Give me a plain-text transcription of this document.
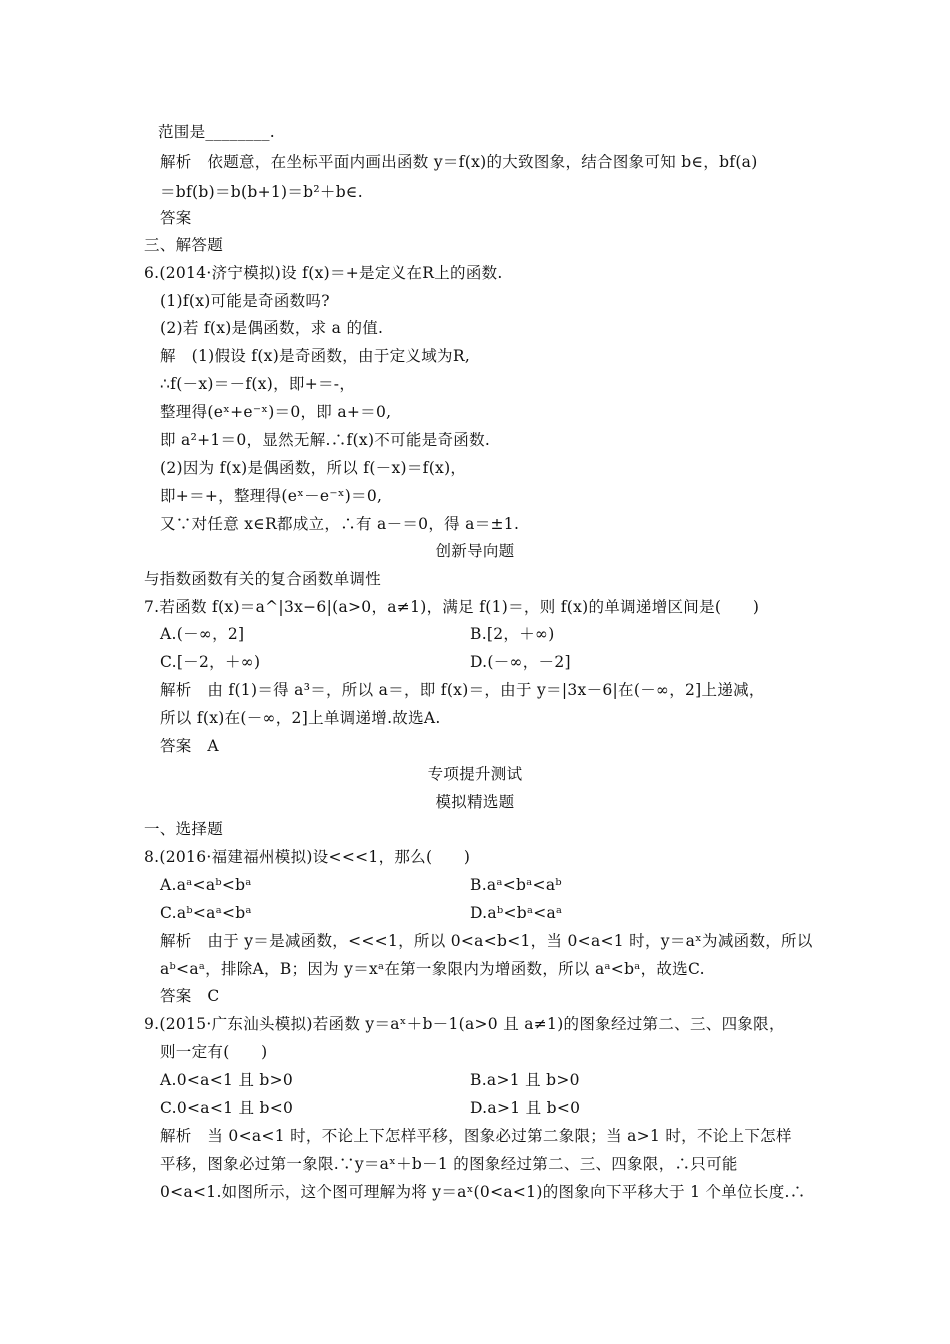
范围是________.
解析　依题意，在坐标平面内画出函数 y＝f(x)的大致图象，结合图象可知 b∈，bf(a)
＝bf(b)＝b(b+1)＝b²＋b∈.
答案
三、解答题
6.(2014·济宁模拟)设 f(x)＝+是定义在R上的函数.
(1)f(x)可能是奇函数吗?
(2)若 f(x)是偶函数，求 a 的值.
解　(1)假设 f(x)是奇函数，由于定义域为R,
∴f(－x)＝－f(x)，即+＝-，
整理得(eˣ+e⁻ˣ)＝0，即 a+＝0,
即 a²+1＝0，显然无解.∴f(x)不可能是奇函数.
(2)因为 f(x)是偶函数，所以 f(－x)＝f(x)，
即+＝+，整理得(eˣ－e⁻ˣ)＝0,
又∵对任意 x∈R都成立，∴有 a－＝0，得 a＝±1.
创新导向题
与指数函数有关的复合函数单调性
7.若函数 f(x)＝a^|3x−6|(a>0，a≠1)，满足 f(1)＝，则 f(x)的单调递增区间是(　　)
A.(－∞，2]	B.[2，＋∞)
C.[－2，＋∞)	D.(－∞，－2]
解析　由 f(1)＝得 a³＝，所以 a＝，即 f(x)＝，由于 y＝|3x－6|在(－∞，2]上递减，
所以 f(x)在(－∞，2]上单调递增.故选A.
答案　A
专项提升测试
模拟精选题
一、选择题
8.(2016·福建福州模拟)设<<<1，那么(　　)
A.aᵃ<aᵇ<bᵃ	B.aᵃ<bᵃ<aᵇ
C.aᵇ<aᵃ<bᵃ	D.aᵇ<bᵃ<aᵃ
解析　由于 y＝是减函数，<<<1，所以 0<a<b<1，当 0<a<1 时，y＝aˣ为减函数，所以
aᵇ<aᵃ，排除A，B；因为 y＝xᵃ在第一象限内为增函数，所以 aᵃ<bᵃ，故选C.
答案　C
9.(2015·广东汕头模拟)若函数 y＝aˣ＋b－1(a>0 且 a≠1)的图象经过第二、三、四象限，
则一定有(　　)
A.0<a<1 且 b>0	B.a>1 且 b>0
C.0<a<1 且 b<0	D.a>1 且 b<0
解析　当 0<a<1 时，不论上下怎样平移，图象必过第二象限；当 a>1 时，不论上下怎样
平移，图象必过第一象限.∵y＝aˣ＋b－1 的图象经过第二、三、四象限，∴只可能
0<a<1.如图所示，这个图可理解为将 y＝aˣ(0<a<1)的图象向下平移大于 1 个单位长度.∴
